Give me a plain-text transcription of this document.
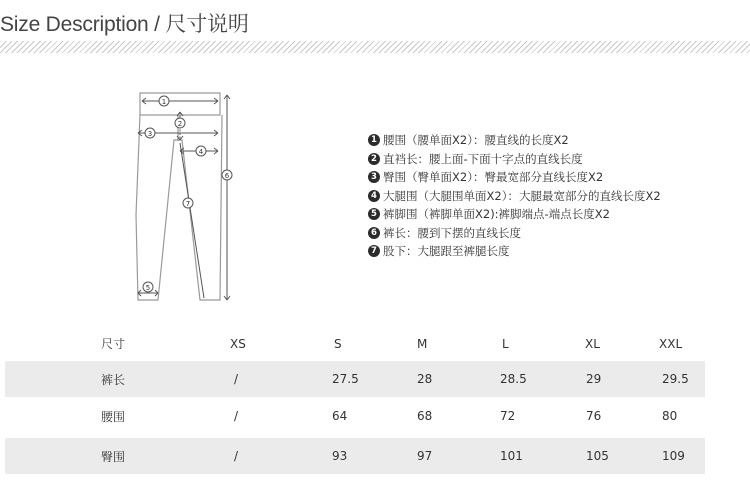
Size Description / 尺寸说明
1
2
3
4
5
6
7
1 腰围（腰单面X2）：腰直线的长度X2
2 直裆长：腰上面-下面十字点的直线长度
3 臀围（臀单面X2）：臀最宽部分直线长度X2
4 大腿围（大腿围单面X2）：大腿最宽部分的直线长度X2
5 裤脚围（裤脚单面X2):裤脚端点-端点长度X2
6 裤长：腰到下摆的直线长度
7 股下：大腿跟至裤腿长度
尺寸	XS	S	M	L	XL	XXL
裤长	/	27.5	28	28.5	29	29.5
腰围	/	64	68	72	76	80
臀围	/	93	97	101	105	109
